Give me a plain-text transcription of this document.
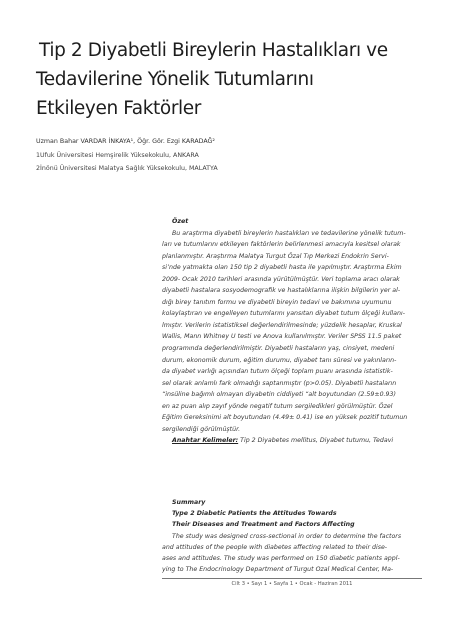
Tip 2 Diyabetli Bireylerin Hastalıkları ve
Tedavilerine Yönelik Tutumlarını
Etkileyen Faktörler
Uzman Bahar VARDAR İNKAYA¹, Öğr. Gör. Ezgi KARADAĞ²
1Ufuk Üniversitesi Hemşirelik Yüksekokulu, ANKARA
2İnönü Üniversitesi Malatya Sağlık Yüksekokulu, MALATYA
Özet
Bu araştırma diyabetli bireylerin hastalıkları ve tedavilerine yönelik tutum-
ları ve tutumlarını etkileyen faktörlerin belirlenmesi amacıyla kesitsel olarak
planlanmıştır. Araştırma Malatya Turgut Özal Tıp Merkezi Endokrin Servi-
si’nde yatmakta olan 150 tip 2 diyabetli hasta ile yapılmıştır. Araştırma Ekim
2009- Ocak 2010 tarihleri arasında yürütülmüştür. Veri toplama aracı olarak
diyabetli hastalara sosyodemografik ve hastalıklarına ilişkin bilgilerin yer al-
dığı birey tanıtım formu ve diyabetli bireyin tedavi ve bakımına uyumunu
kolaylaştıran ve engelleyen tutumlarını yansıtan diyabet tutum ölçeği kullanı-
lmıştır. Verilerin istatistiksel değerlendirilmesinde; yüzdelik hesaplar, Kruskal
Wallis, Mann Whitney U testi ve Anova kullanılmıştır. Veriler SPSS 11.5 paket
programında değerlendirilmiştir. Diyabetli hastaların yaş, cinsiyet, medeni
durum, ekonomik durum, eğitim durumu, diyabet tanı süresi ve yakınların-
da diyabet varlığı açısından tutum ölçeği toplam puanı arasında istatistik-
sel olarak anlamlı fark olmadığı saptanmıştır (p>0.05). Diyabetli hastaların
“insüline bağımlı olmayan diyabetin ciddiyeti “alt boyutundan (2.59±0.93)
en az puan alıp zayıf yönde negatif tutum sergiledikleri görülmüştür. Özel
Eğitim Gereksinimi alt boyutundan (4.49± 0.41) ise en yüksek pozitif tutumun
sergilendiği görülmüştür.
Anahtar Kelimeler: Tip 2 Diyabetes mellitus, Diyabet tutumu, Tedavi
Summary
Type 2 Diabetic Patients the Attitudes Towards
Their Diseases and Treatment and Factors Affecting
The study was designed cross-sectional in order to determine the factors
and attitudes of the people with diabetes affecting related to their dise-
ases and attitudes. The study was performed on 150 diabetic patients appl-
ying to The Endocrinology Department of Turgut Ozal Medical Center, Ma-
Cilt 3 • Sayı 1 • Sayfa 1 • Ocak - Haziran 2011
